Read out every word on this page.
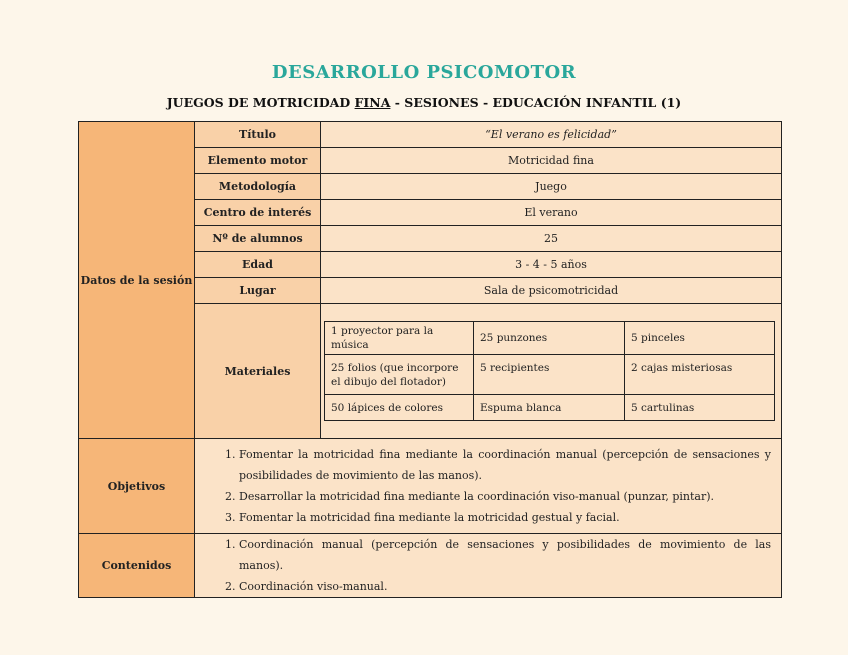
DESARROLLO PSICOMOTOR
JUEGOS DE MOTRICIDAD FINA - SESIONES - EDUCACIÓN INFANTIL (1)
Datos de la sesión	Título	“El verano es felicidad”
Elemento motor	Motricidad fina
Metodología	Juego
Centro de interés	El verano
Nº de alumnos	25
Edad	3 - 4 - 5 años
Lugar	Sala de psicomotricidad
Materiales	
1 proyector para la música	25 punzones	5 pinceles
25 folios (que incorpore el dibujo del flotador)	5 recipientes	2 cajas misteriosas
50 lápices de colores	Espuma blanca	5 cartulinas

Objetivos	
1. Fomentar la motricidad fina mediante la coordinación manual (percepción de sensaciones y posibilidades de movimiento de las manos).
2. Desarrollar la motricidad fina mediante la coordinación viso-manual (punzar, pintar).
3. Fomentar la motricidad fina mediante la motricidad gestual y facial.

Contenidos	
1. Coordinación manual (percepción de sensaciones y posibilidades de movimiento de las manos).
2. Coordinación viso-manual.
